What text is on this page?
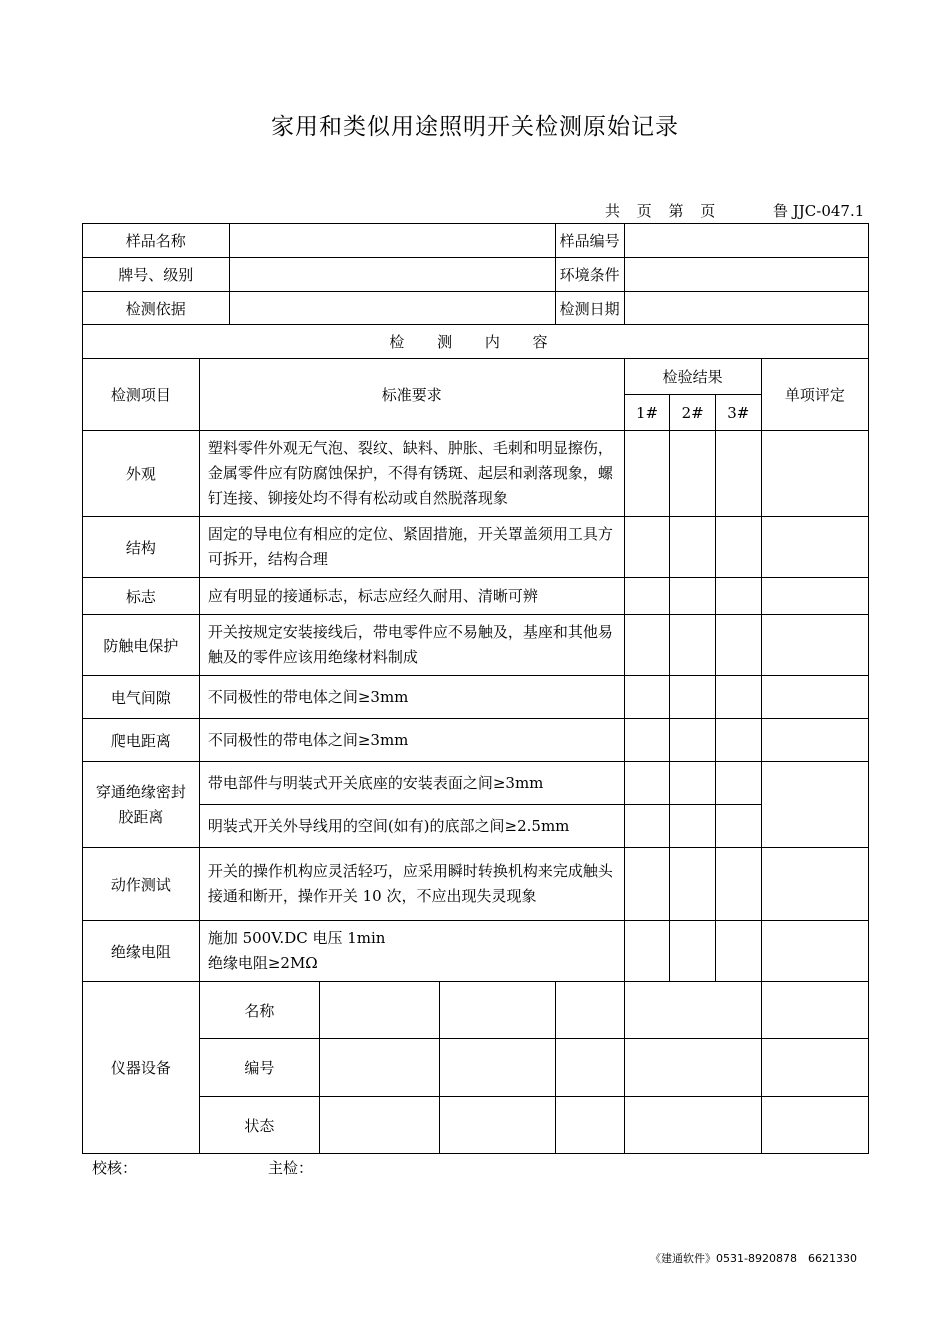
家用和类似用途照明开关检测原始记录
共 页 第 页	鲁 JJC-047.1
样品名称					样品编号				
牌号、级别					环境条件				
检测依据					检测日期				
检 测 内 容									
检测项目	标准要求					检验结果			单项评定
						1#	2#	3#	
外观	塑料零件外观无气泡、裂纹、缺料、肿胀、毛刺和明显擦伤，金属零件应有防腐蚀保护，不得有锈斑、起层和剥落现象，螺钉连接、铆接处均不得有松动或自然脱落现象								
结构	固定的导电位有相应的定位、紧固措施，开关罩盖须用工具方可拆开，结构合理								
标志	应有明显的接通标志，标志应经久耐用、清晰可辨								
防触电保护	开关按规定安装接线后，带电零件应不易触及，基座和其他易触及的零件应该用绝缘材料制成								
电气间隙	不同极性的带电体之间≥3mm								
爬电距离	不同极性的带电体之间≥3mm								
穿通绝缘密封胶距离	带电部件与明装式开关底座的安装表面之间≥3mm								
	明装式开关外导线用的空间(如有)的底部之间≥2.5mm								
动作测试	开关的操作机构应灵活轻巧，应采用瞬时转换机构来完成触头接通和断开，操作开关 10 次，不应出现失灵现象								
绝缘电阻	施加 500V.DC 电压 1min
绝缘电阻≥2MΩ								

仪器设备	名称								
	编号								
	状态								
校核：	主检：
《建通软件》0531-8920878　6621330
